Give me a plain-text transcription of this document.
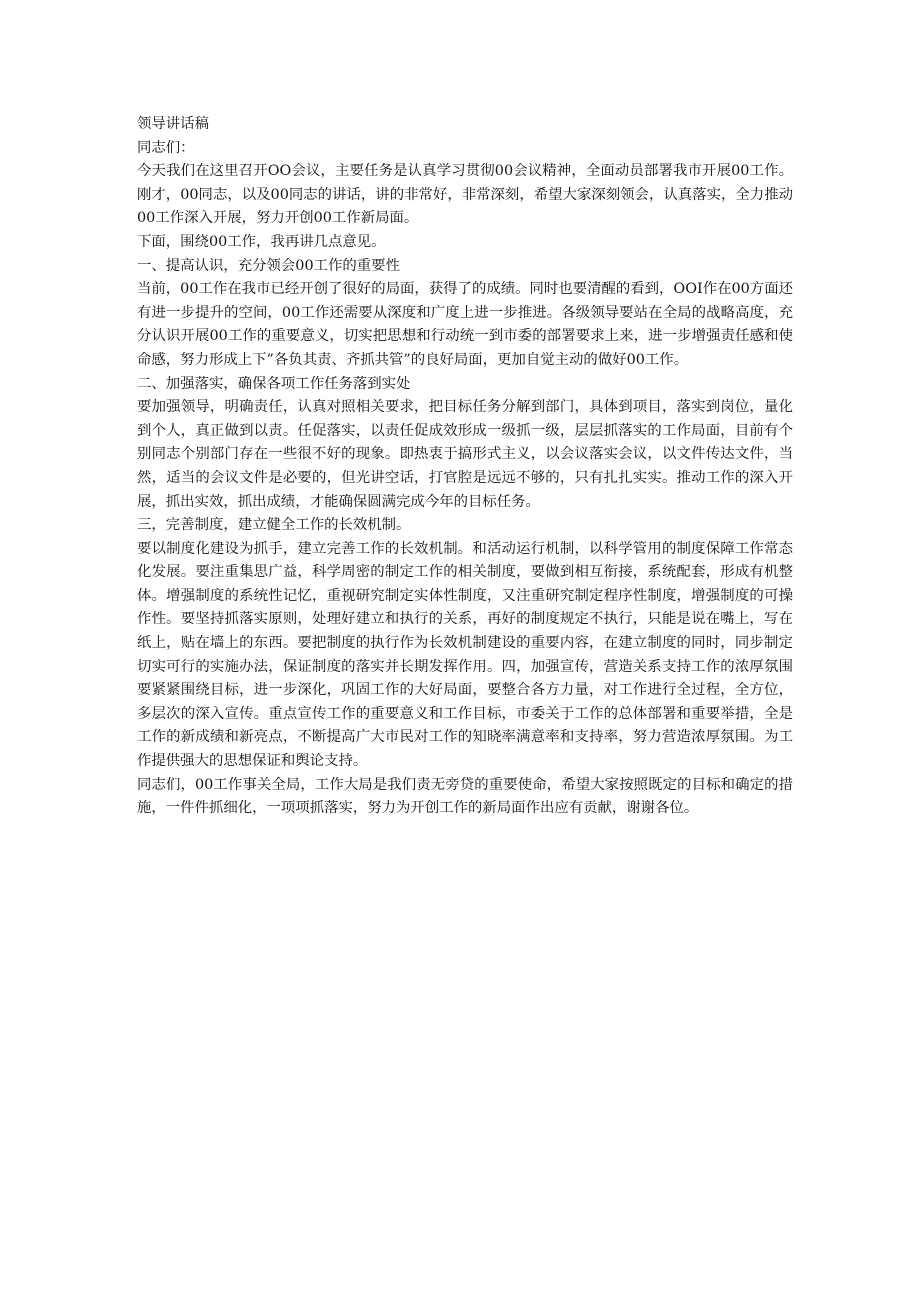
领导讲话稿

同志们：

今天我们在这里召开OO会议，主要任务是认真学习贯彻00会议精神，全面动员部署我市开展00工作。刚才，00同志，以及00同志的讲话，讲的非常好，非常深刻，希望大家深刻领会，认真落实，全力推动00工作深入开展，努力开创00工作新局面。

下面，围绕00工作，我再讲几点意见。

一、提高认识，充分领会00工作的重要性

当前，00工作在我市已经开创了很好的局面，获得了的成绩。同时也要清醒的看到，OOI作在00方面还有进一步提升的空间，00工作还需要从深度和广度上进一步推进。各级领导要站在全局的战略高度，充分认识开展00工作的重要意义，切实把思想和行动统一到市委的部署要求上来，进一步增强责任感和使命感，努力形成上下”各负其责、齐抓共管”的良好局面，更加自觉主动的做好00工作。

二、加强落实，确保各项工作任务落到实处

要加强领导，明确责任，认真对照相关要求，把目标任务分解到部门，具体到项目，落实到岗位，量化到个人，真正做到以责。任促落实，以责任促成效形成一级抓一级，层层抓落实的工作局面，目前有个别同志个别部门存在一些很不好的现象。即热衷于搞形式主义，以会议落实会议，以文件传达文件，当然，适当的会议文件是必要的，但光讲空话，打官腔是远远不够的，只有扎扎实实。推动工作的深入开展，抓出实效，抓出成绩，才能确保圆满完成今年的目标任务。

三，完善制度，建立健全工作的长效机制。

要以制度化建设为抓手，建立完善工作的长效机制。和活动运行机制，以科学管用的制度保障工作常态化发展。要注重集思广益，科学周密的制定工作的相关制度，要做到相互衔接，系统配套，形成有机整体。增强制度的系统性记忆，重视研究制定实体性制度，又注重研究制定程序性制度，增强制度的可操作性。要坚持抓落实原则，处理好建立和执行的关系，再好的制度规定不执行，只能是说在嘴上，写在纸上，贴在墙上的东西。要把制度的执行作为长效机制建设的重要内容，在建立制度的同时，同步制定切实可行的实施办法，保证制度的落实并长期发挥作用。四，加强宣传，营造关系支持工作的浓厚氛围要紧紧围绕目标，进一步深化，巩固工作的大好局面，要整合各方力量，对工作进行全过程，全方位，多层次的深入宣传。重点宣传工作的重要意义和工作目标，市委关于工作的总体部署和重要举措，全是工作的新成绩和新亮点，不断提高广大市民对工作的知晓率满意率和支持率，努力营造浓厚氛围。为工作提供强大的思想保证和舆论支持。

同志们，00工作事关全局，工作大局是我们责无旁贷的重要使命，希望大家按照既定的目标和确定的措施，一件件抓细化，一项项抓落实，努力为开创工作的新局面作出应有贡献，谢谢各位。
